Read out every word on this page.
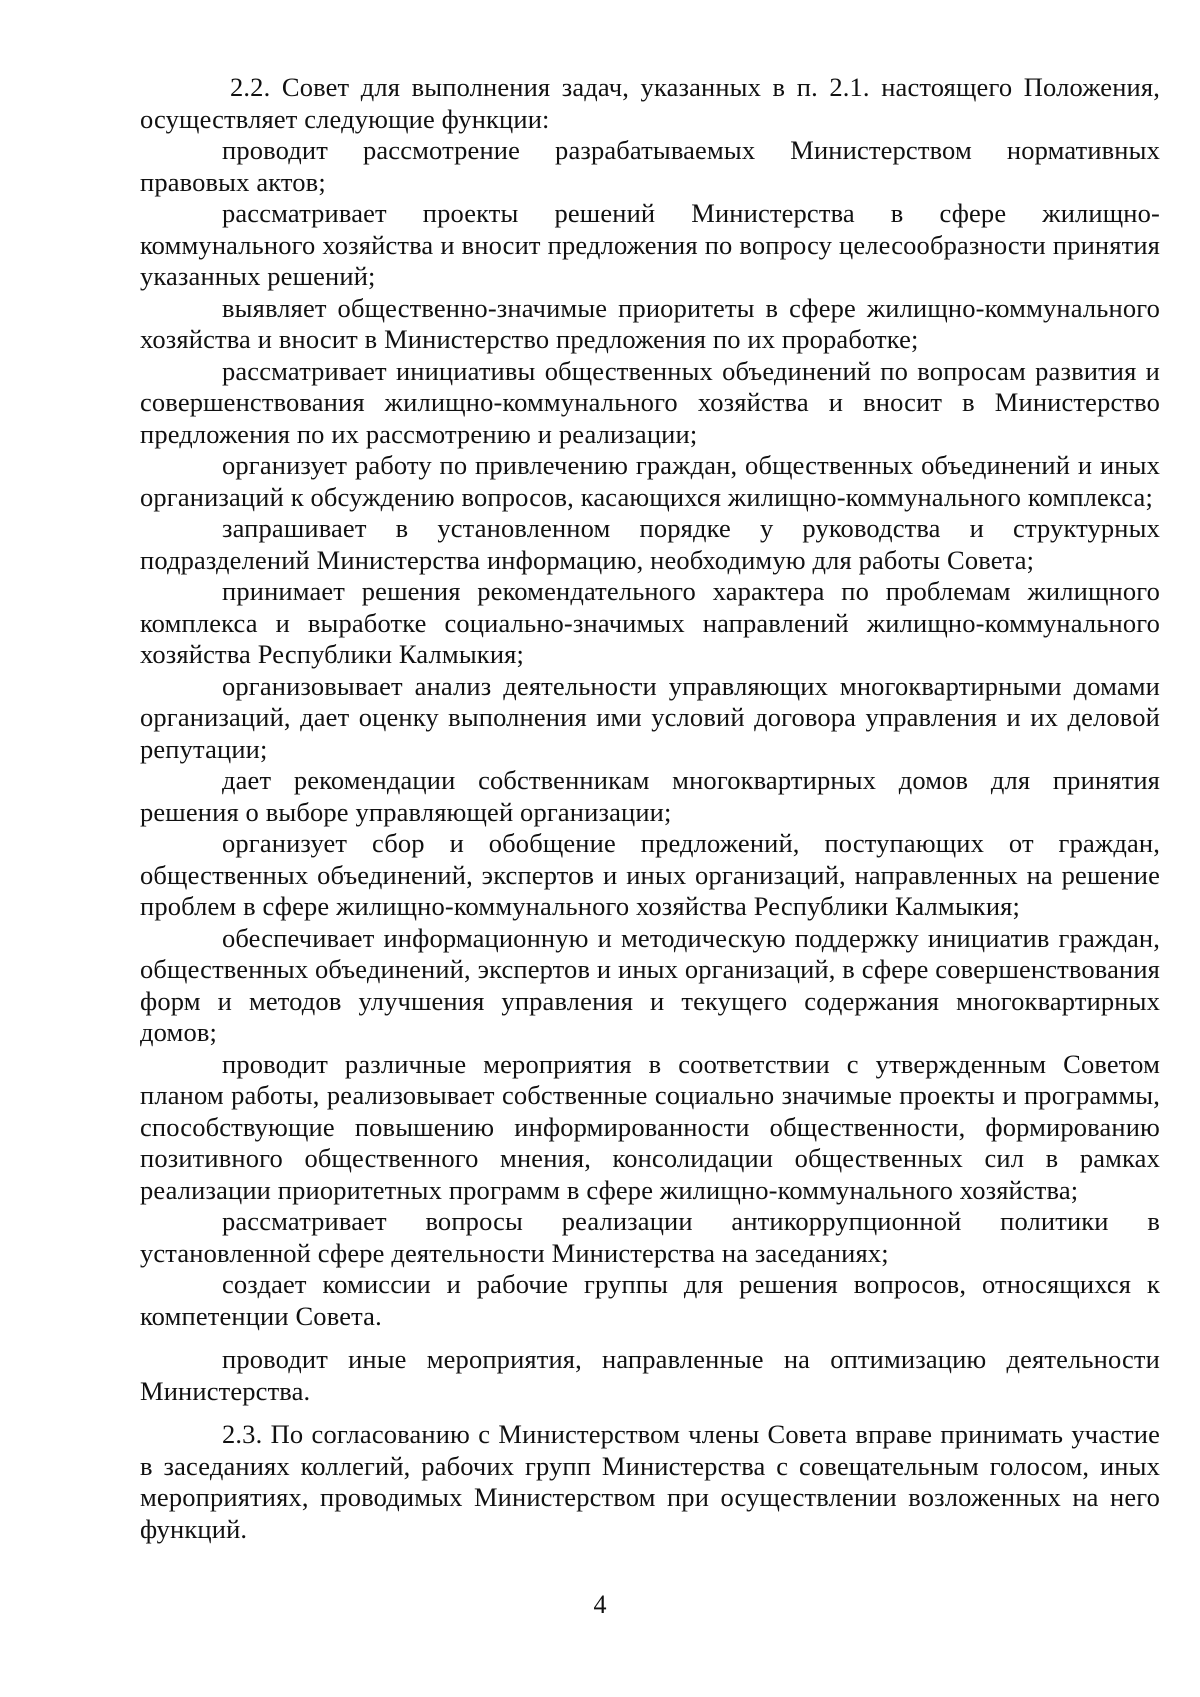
2.2. Совет для выполнения задач, указанных в п. 2.1. настоящего Положения, осуществляет следующие функции:

проводит рассмотрение разрабатываемых Министерством нормативных правовых актов;

рассматривает проекты решений Министерства в сфере жилищно-коммунального хозяйства и вносит предложения по вопросу целесообразности принятия указанных решений;

выявляет общественно-значимые приоритеты в сфере жилищно-коммунального хозяйства и вносит в Министерство предложения по их проработке;

рассматривает инициативы общественных объединений по вопросам развития и совершенствования жилищно-коммунального хозяйства и вносит в Министерство предложения по их рассмотрению и реализации;

организует работу по привлечению граждан, общественных объединений и иных организаций к обсуждению вопросов, касающихся жилищно-коммунального комплекса;

запрашивает в установленном порядке у руководства и структурных подразделений Министерства информацию, необходимую для работы Совета;

принимает решения рекомендательного характера по проблемам жилищного комплекса и выработке социально-значимых направлений жилищно-коммунального хозяйства Республики Калмыкия;

организовывает анализ деятельности управляющих многоквартирными домами организаций, дает оценку выполнения ими условий договора управления и их деловой репутации;

дает рекомендации собственникам многоквартирных домов для принятия решения о выборе управляющей организации;

организует сбор и обобщение предложений, поступающих от граждан, общественных объединений, экспертов и иных организаций, направленных на решение проблем в сфере жилищно-коммунального хозяйства Республики Калмыкия;

обеспечивает информационную и методическую поддержку инициатив граждан, общественных объединений, экспертов и иных организаций, в сфере совершенствования форм и методов улучшения управления и текущего содержания многоквартирных домов;

проводит различные мероприятия в соответствии с утвержденным Советом планом работы, реализовывает собственные социально значимые проекты и программы, способствующие повышению информированности общественности, формированию позитивного общественного мнения, консолидации общественных сил в рамках реализации приоритетных программ в сфере жилищно-коммунального хозяйства;

рассматривает вопросы реализации антикоррупционной политики в установленной сфере деятельности Министерства на заседаниях;

создает комиссии и рабочие группы для решения вопросов, относящихся к компетенции Совета.

проводит иные мероприятия, направленные на оптимизацию деятельности Министерства.

2.3. По согласованию с Министерством члены Совета вправе принимать участие в заседаниях коллегий, рабочих групп Министерства с совещательным голосом, иных мероприятиях, проводимых Министерством при осуществлении возложенных на него функций.

4
